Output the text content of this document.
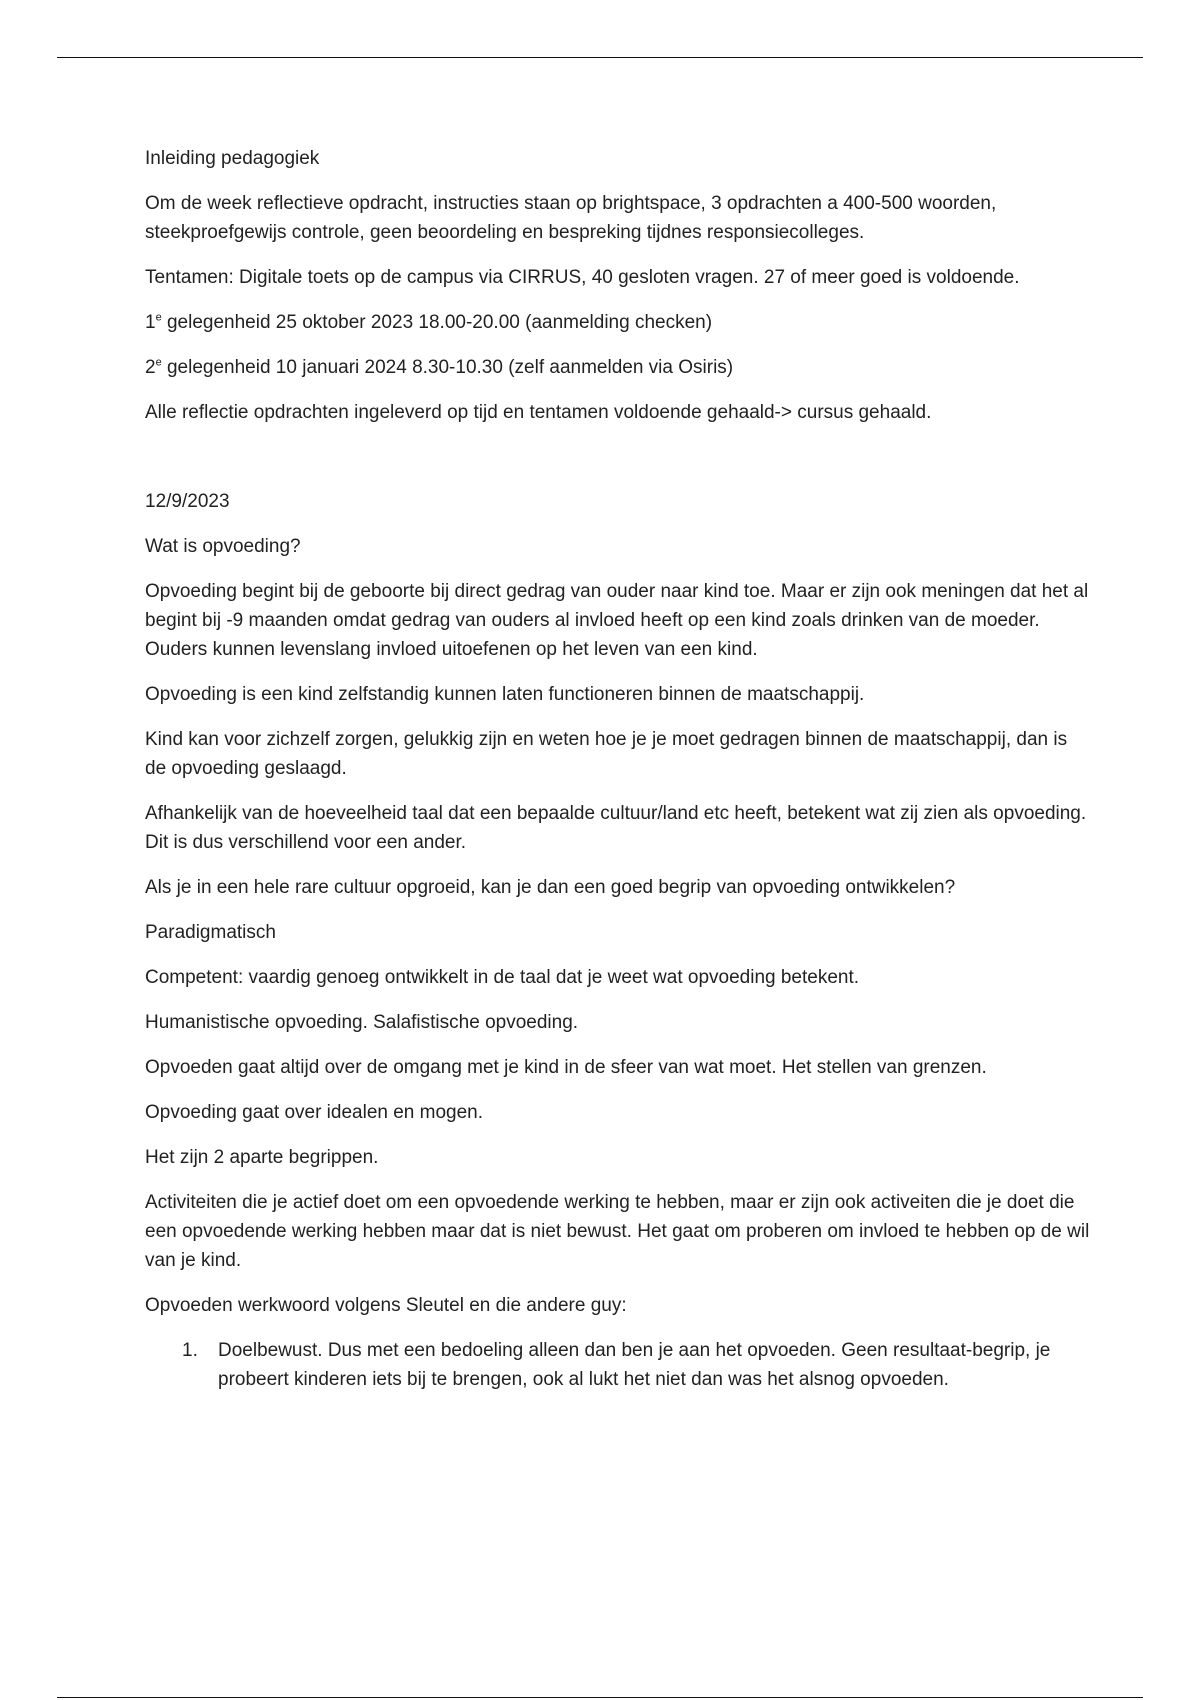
Inleiding pedagogiek

Om de week reflectieve opdracht, instructies staan op brightspace, 3 opdrachten a 400-500 woorden, steekproefgewijs controle, geen beoordeling en bespreking tijdnes responsiecolleges.

Tentamen: Digitale toets op de campus via CIRRUS, 40 gesloten vragen. 27 of meer goed is voldoende.

1e gelegenheid 25 oktober 2023 18.00-20.00 (aanmelding checken)

2e gelegenheid 10 januari 2024 8.30-10.30 (zelf aanmelden via Osiris)

Alle reflectie opdrachten ingeleverd op tijd en tentamen voldoende gehaald-> cursus gehaald.

12/9/2023

Wat is opvoeding?

Opvoeding begint bij de geboorte bij direct gedrag van ouder naar kind toe. Maar er zijn ook meningen dat het al begint bij -9 maanden omdat gedrag van ouders al invloed heeft op een kind zoals drinken van de moeder. Ouders kunnen levenslang invloed uitoefenen op het leven van een kind.

Opvoeding is een kind zelfstandig kunnen laten functioneren binnen de maatschappij.

Kind kan voor zichzelf zorgen, gelukkig zijn en weten hoe je je moet gedragen binnen de maatschappij, dan is de opvoeding geslaagd.

Afhankelijk van de hoeveelheid taal dat een bepaalde cultuur/land etc heeft, betekent wat zij zien als opvoeding. Dit is dus verschillend voor een ander.

Als je in een hele rare cultuur opgroeid, kan je dan een goed begrip van opvoeding ontwikkelen?

Paradigmatisch

Competent: vaardig genoeg ontwikkelt in de taal dat je weet wat opvoeding betekent.

Humanistische opvoeding. Salafistische opvoeding.

Opvoeden gaat altijd over de omgang met je kind in de sfeer van wat moet. Het stellen van grenzen.

Opvoeding gaat over idealen en mogen.

Het zijn 2 aparte begrippen.

Activiteiten die je actief doet om een opvoedende werking te hebben, maar er zijn ook activeiten die je doet die een opvoedende werking hebben maar dat is niet bewust. Het gaat om proberen om invloed te hebben op de wil van je kind.

Opvoeden werkwoord volgens Sleutel en die andere guy:

1. Doelbewust. Dus met een bedoeling alleen dan ben je aan het opvoeden. Geen resultaat-begrip, je probeert kinderen iets bij te brengen, ook al lukt het niet dan was het alsnog opvoeden.
